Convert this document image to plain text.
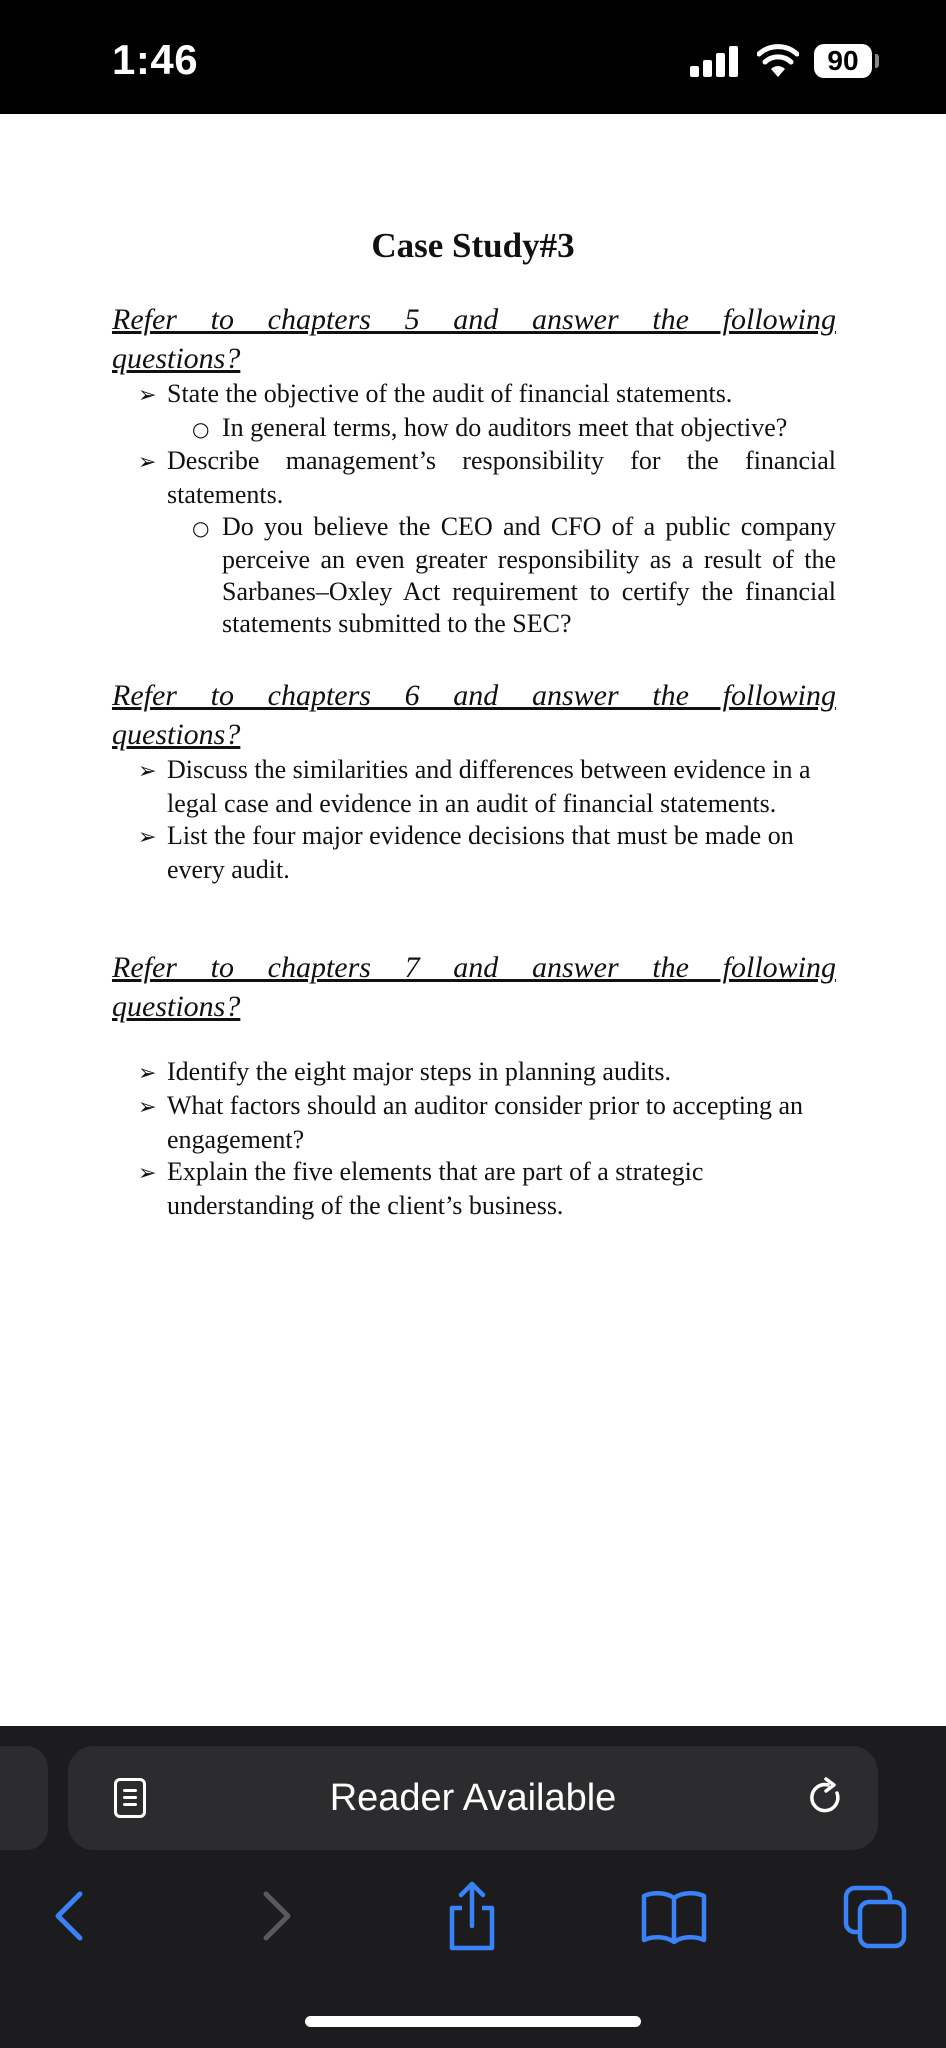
1:46	90
Case Study#3
Refer to chapters 5 and answer the following questions?
➢ State the objective of the audit of financial statements.
○ In general terms, how do auditors meet that objective?
➢ Describe management’s responsibility for the financial statements.
○ Do you believe the CEO and CFO of a public company perceive an even greater responsibility as a result of the Sarbanes–Oxley Act requirement to certify the financial statements submitted to the SEC?
Refer to chapters 6 and answer the following questions?
➢ Discuss the similarities and differences between evidence in a legal case and evidence in an audit of financial statements.
➢ List the four major evidence decisions that must be made on every audit.
Refer to chapters 7 and answer the following questions?
➢ Identify the eight major steps in planning audits.
➢ What factors should an auditor consider prior to accepting an engagement?
➢ Explain the five elements that are part of a strategic understanding of the client’s business.
Reader Available
